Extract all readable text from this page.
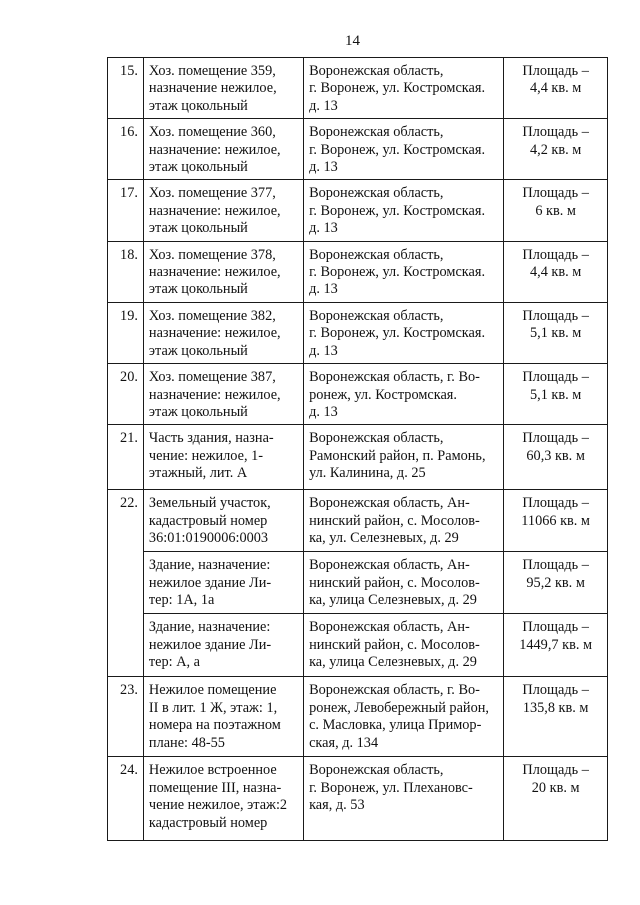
14
15.	Хоз. помещение 359,
назначение нежилое,
этаж цокольный	Воронежская область,
г. Воронеж, ул. Костромская.
д. 13	Площадь –
4,4 кв. м

16.	Хоз. помещение 360,
назначение: нежилое,
этаж цокольный	Воронежская область,
г. Воронеж, ул. Костромская.
д. 13	Площадь –
4,2 кв. м

17.	Хоз. помещение 377,
назначение: нежилое,
этаж цокольный	Воронежская область,
г. Воронеж, ул. Костромская.
д. 13	Площадь –
6 кв. м

18.	Хоз. помещение 378,
назначение: нежилое,
этаж цокольный	Воронежская область,
г. Воронеж, ул. Костромская.
д. 13	Площадь –
4,4 кв. м

19.	Хоз. помещение 382,
назначение: нежилое,
этаж цокольный	Воронежская область,
г. Воронеж, ул. Костромская.
д. 13	Площадь –
5,1 кв. м

20.	Хоз. помещение 387,
назначение: нежилое,
этаж цокольный	Воронежская область, г. Во-
ронеж, ул. Костромская.
д. 13	Площадь –
5,1 кв. м

21.	Часть здания, назна-
чение: нежилое, 1-
этажный, лит. А	Воронежская область,
Рамонский район, п. Рамонь,
ул. Калинина, д. 25	Площадь –
60,3 кв. м

22.	Земельный участок,
кадастровый номер
36:01:0190006:0003	Воронежская область, Ан-
нинский район, с. Мосолов-
ка, ул. Селезневых, д. 29	Площадь –
11066 кв. м

	Здание, назначение:
нежилое здание Ли-
тер: 1А, 1а	Воронежская область, Ан-
нинский район, с. Мосолов-
ка, улица Селезневых, д. 29	Площадь –
95,2 кв. м

	Здание, назначение:
нежилое здание Ли-
тер: А, а	Воронежская область, Ан-
нинский район, с. Мосолов-
ка, улица Селезневых, д. 29	Площадь –
1449,7 кв. м

23.	Нежилое помещение
II в лит. 1 Ж, этаж: 1,
номера на поэтажном
плане: 48-55	Воронежская область, г. Во-
ронеж, Левобережный район,
с. Масловка, улица Примор-
ская, д. 134	Площадь –
135,8 кв. м

24.	Нежилое встроенное
помещение III, назна-
чение нежилое, этаж:2
кадастровый номер	Воронежская область,
г. Воронеж, ул. Плехановс-
кая, д. 53	Площадь –
20 кв. м
